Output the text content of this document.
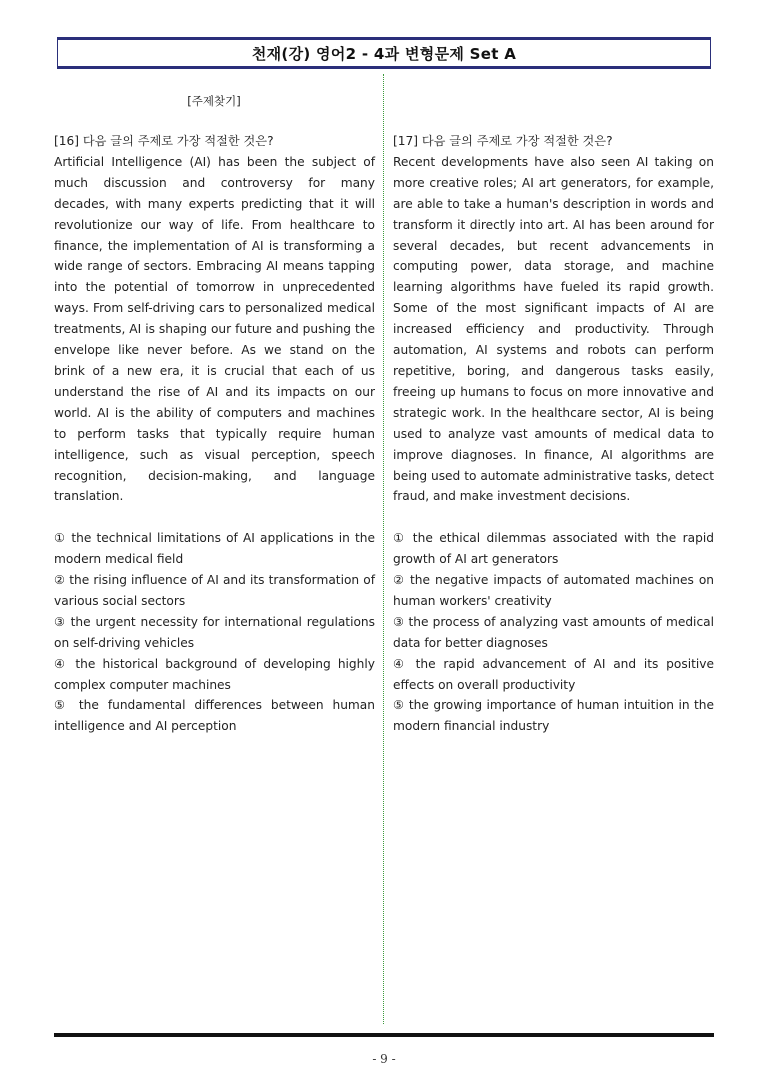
천재(강) 영어2 - 4과 변형문제 Set A
[주제찾기]

[16] 다음 글의 주제로 가장 적절한 것은?

Artificial Intelligence (AI) has been the subject of much discussion and controversy for many decades, with many experts predicting that it will revolutionize our way of life. From healthcare to finance, the implementation of AI is transforming a wide range of sectors. Embracing AI means tapping into the potential of tomorrow in unprecedented ways. From self-driving cars to personalized medical treatments, AI is shaping our future and pushing the envelope like never before. As we stand on the brink of a new era, it is crucial that each of us understand the rise of AI and its impacts on our world. AI is the ability of computers and machines to perform tasks that typically require human intelligence, such as visual perception, speech recognition, decision-making, and language translation.

① the technical limitations of AI applications in the modern medical field

② the rising influence of AI and its transformation of various social sectors

③ the urgent necessity for international regulations on self-driving vehicles

④ the historical background of developing highly complex computer machines

⑤ the fundamental differences between human intelligence and AI perception

[17] 다음 글의 주제로 가장 적절한 것은?

Recent developments have also seen AI taking on more creative roles; AI art generators, for example, are able to take a human's description in words and transform it directly into art. AI has been around for several decades, but recent advancements in computing power, data storage, and machine learning algorithms have fueled its rapid growth. Some of the most significant impacts of AI are increased efficiency and productivity. Through automation, AI systems and robots can perform repetitive, boring, and dangerous tasks easily, freeing up humans to focus on more innovative and strategic work. In the healthcare sector, AI is being used to analyze vast amounts of medical data to improve diagnoses. In finance, AI algorithms are being used to automate administrative tasks, detect fraud, and make investment decisions.

① the ethical dilemmas associated with the rapid growth of AI art generators

② the negative impacts of automated machines on human workers' creativity

③ the process of analyzing vast amounts of medical data for better diagnoses

④ the rapid advancement of AI and its positive effects on overall productivity

⑤ the growing importance of human intuition in the modern financial industry

- 9 -
